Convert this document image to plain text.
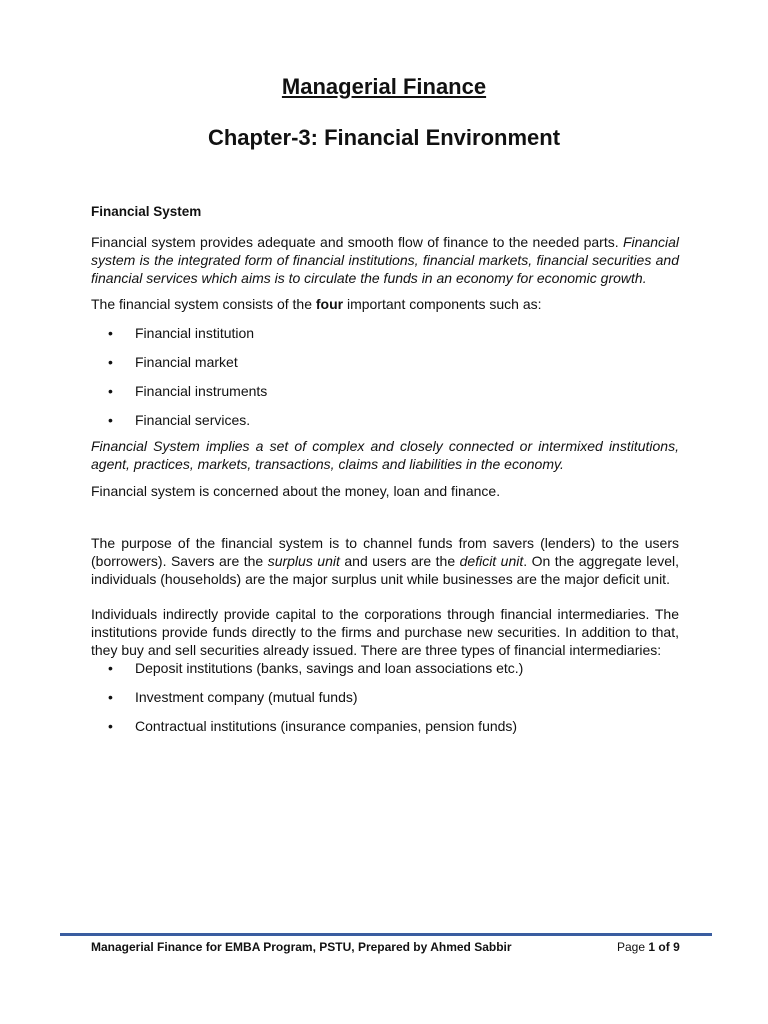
Managerial Finance
Chapter-3: Financial Environment

Financial System

Financial system provides adequate and smooth flow of finance to the needed parts. Financial system is the integrated form of financial institutions, financial markets, financial securities and financial services which aims is to circulate the funds in an economy for economic growth.

The financial system consists of the four important components such as:

• Financial institution
• Financial market
• Financial instruments
• Financial services.

Financial System implies a set of complex and closely connected or intermixed institutions, agent, practices, markets, transactions, claims and liabilities in the economy.

Financial system is concerned about the money, loan and finance.

The purpose of the financial system is to channel funds from savers (lenders) to the users (borrowers). Savers are the surplus unit and users are the deficit unit. On the aggregate level, individuals (households) are the major surplus unit while businesses are the major deficit unit.

Individuals indirectly provide capital to the corporations through financial intermediaries. The institutions provide funds directly to the firms and purchase new securities. In addition to that, they buy and sell securities already issued. There are three types of financial intermediaries:

• Deposit institutions (banks, savings and loan associations etc.)
• Investment company (mutual funds)
• Contractual institutions (insurance companies, pension funds)
Managerial Finance for EMBA Program, PSTU, Prepared by Ahmed Sabbir	Page 1 of 9
